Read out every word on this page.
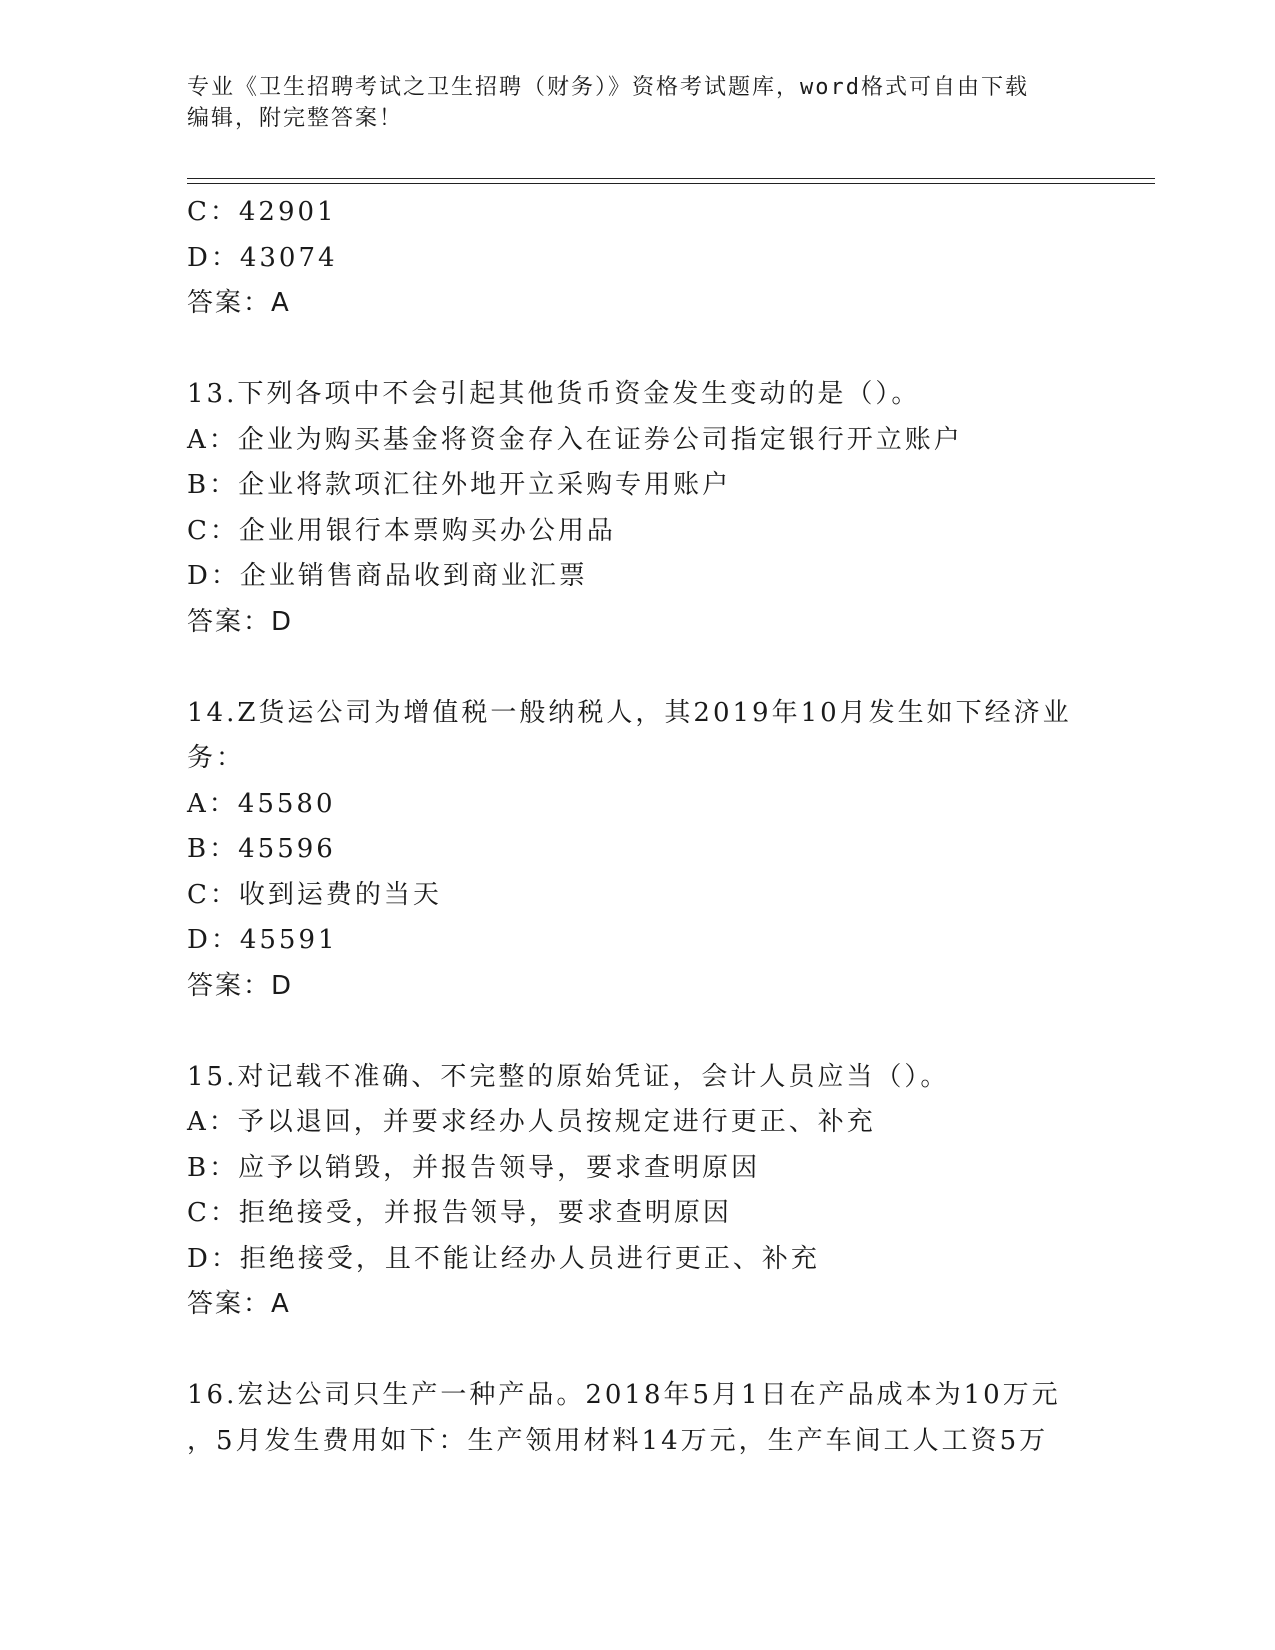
专业《卫生招聘考试之卫生招聘（财务）》资格考试题库，word格式可自由下载
编辑，附完整答案！
C：42901
D：43074
答案：A
13.下列各项中不会引起其他货币资金发生变动的是（）。
A：企业为购买基金将资金存入在证券公司指定银行开立账户
B：企业将款项汇往外地开立采购专用账户
C：企业用银行本票购买办公用品
D：企业销售商品收到商业汇票
答案：D
14.Z货运公司为增值税一般纳税人，其2019年10月发生如下经济业
务：
A：45580
B：45596
C：收到运费的当天
D：45591
答案：D
15.对记载不准确、不完整的原始凭证，会计人员应当（）。
A：予以退回，并要求经办人员按规定进行更正、补充
B：应予以销毁，并报告领导，要求查明原因
C：拒绝接受，并报告领导，要求查明原因
D：拒绝接受，且不能让经办人员进行更正、补充
答案：A
16.宏达公司只生产一种产品。2018年5月1日在产品成本为10万元
，5月发生费用如下：生产领用材料14万元，生产车间工人工资5万
